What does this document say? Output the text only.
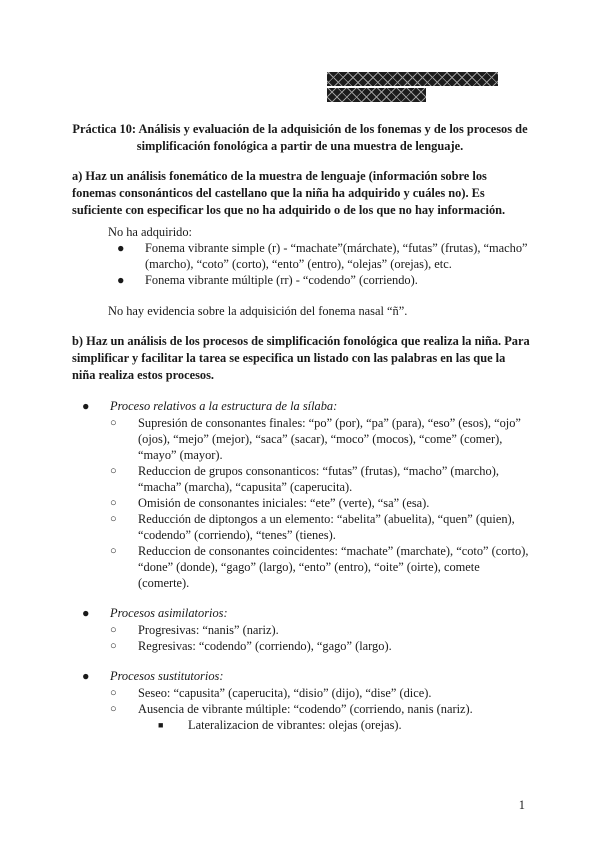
Práctica 10: Análisis y evaluación de la adquisición de los fonemas y de los procesos de simplificación fonológica a partir de una muestra de lenguaje.

a) Haz un análisis fonemático de la muestra de lenguaje (información sobre los fonemas consonánticos del castellano que la niña ha adquirido y cuáles no). Es suficiente con especificar los que no ha adquirido o de los que no hay información.

No ha adquirido:

● Fonema vibrante simple (r) - “machate”(márchate), “futas” (frutas), “macho” (marcho), “coto” (corto), “ento” (entro), “olejas” (orejas), etc.
● Fonema vibrante múltiple (rr) - “codendo” (corriendo).

No hay evidencia sobre la adquisición del fonema nasal “ñ”.

b) Haz un análisis de los procesos de simplificación fonológica que realiza la niña. Para simplificar y facilitar la tarea se especifica un listado con las palabras en las que la niña realiza estos procesos.

● Proceso relativos a la estructura de la sílaba:
○ Supresión de consonantes finales: “po” (por), “pa” (para), “eso” (esos), “ojo” (ojos), “mejo” (mejor), “saca” (sacar), “moco” (mocos), “come” (comer), “mayo” (mayor).
○ Reduccion de grupos consonanticos: “futas” (frutas), “macho” (marcho), “macha” (marcha), “capusita” (caperucita).
○ Omisión de consonantes iniciales: “ete” (verte), “sa” (esa).
○ Reducción de diptongos a un elemento: “abelita” (abuelita), “quen” (quien), “codendo” (corriendo), “tenes” (tienes).
○ Reduccion de consonantes coincidentes: “machate” (marchate), “coto” (corto), “done” (donde), “gago” (largo), “ento” (entro), “oite” (oirte), comete (comerte).
● Procesos asimilatorios:
○ Progresivas: “nanis” (nariz).
○ Regresivas: “codendo” (corriendo), “gago” (largo).
● Procesos sustitutorios:
○ Seseo: “capusita” (caperucita), “disio” (dijo), “dise” (dice).
○ Ausencia de vibrante múltiple: “codendo” (corriendo, nanis (nariz).
■ Lateralizacion de vibrantes: olejas (orejas).
1
